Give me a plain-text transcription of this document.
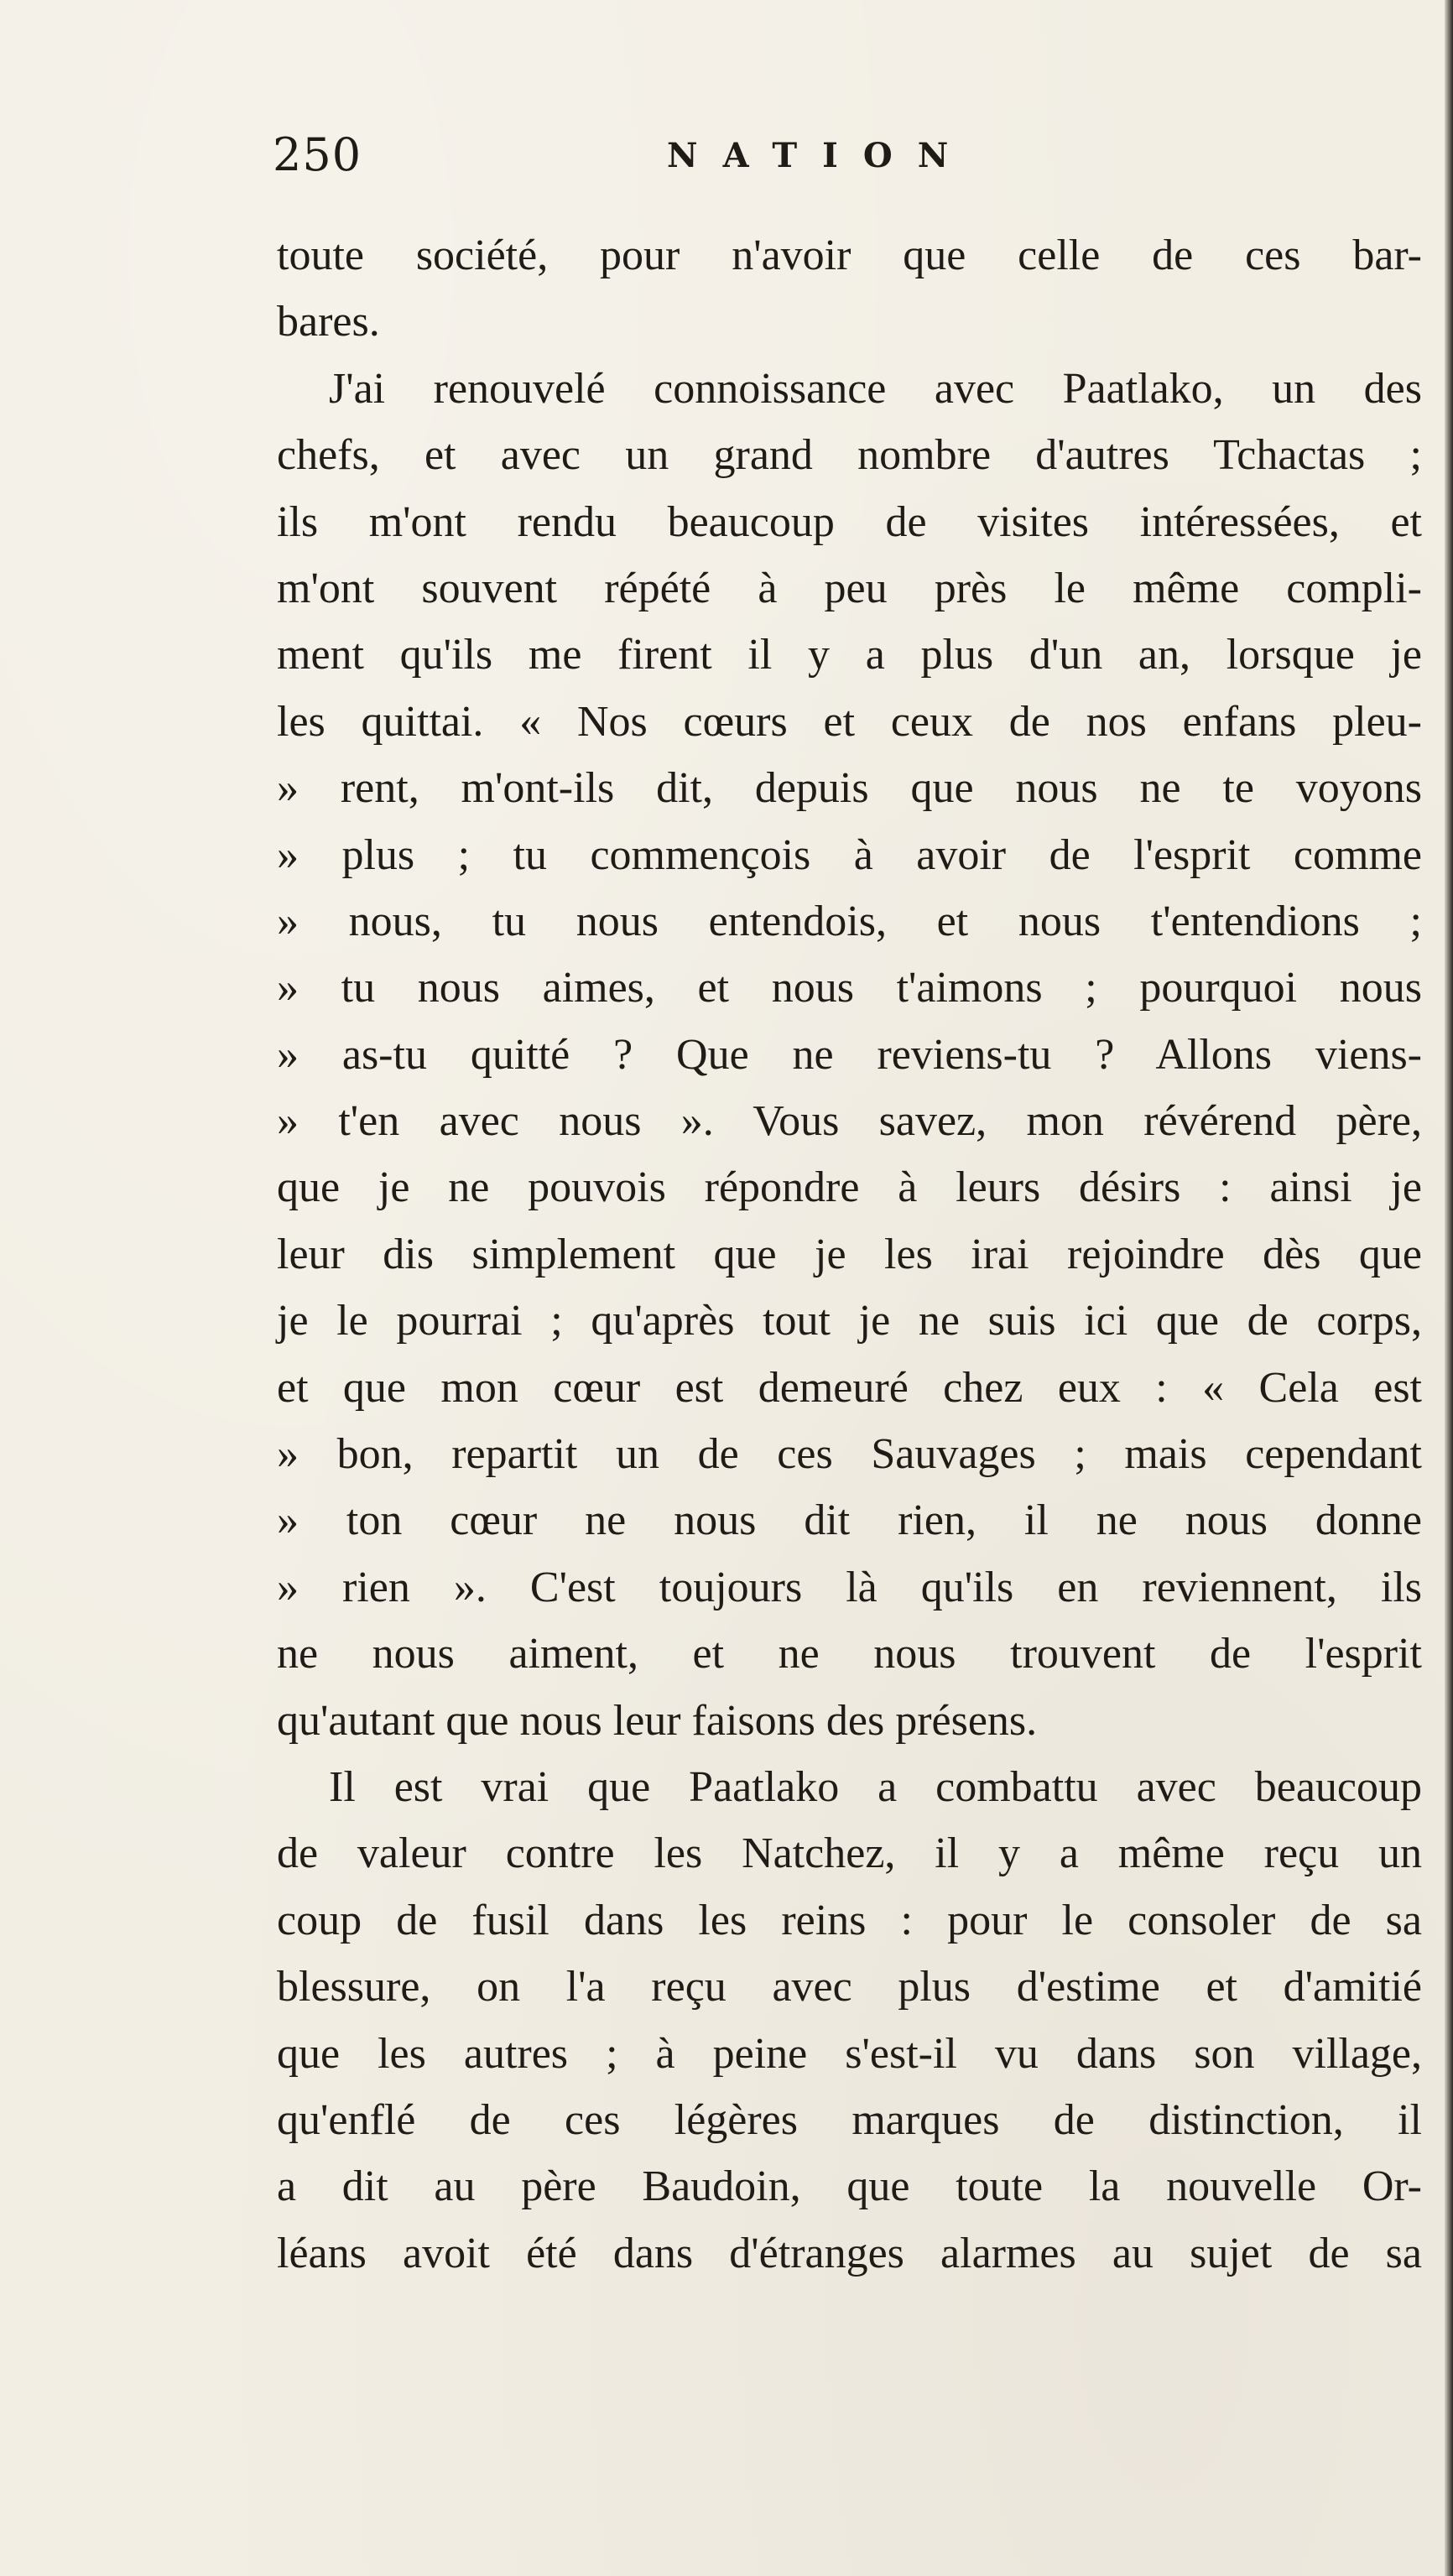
250	NATION
toute société, pour n'avoir que celle de ces bar-
bares.
J'ai renouvelé connoissance avec Paatlako, un des
chefs, et avec un grand nombre d'autres Tchactas ;
ils m'ont rendu beaucoup de visites intéressées, et
m'ont souvent répété à peu près le même compli-
ment qu'ils me firent il y a plus d'un an, lorsque je
les quittai. « Nos cœurs et ceux de nos enfans pleu-
» rent, m'ont-ils dit, depuis que nous ne te voyons
» plus ; tu commençois à avoir de l'esprit comme
» nous, tu nous entendois, et nous t'entendions ;
» tu nous aimes, et nous t'aimons ; pourquoi nous
» as-tu quitté ? Que ne reviens-tu ? Allons viens-
» t'en avec nous ». Vous savez, mon révérend père,
que je ne pouvois répondre à leurs désirs : ainsi je
leur dis simplement que je les irai rejoindre dès que
je le pourrai ; qu'après tout je ne suis ici que de corps,
et que mon cœur est demeuré chez eux : « Cela est
» bon, repartit un de ces Sauvages ; mais cependant
» ton cœur ne nous dit rien, il ne nous donne
» rien ». C'est toujours là qu'ils en reviennent, ils
ne nous aiment, et ne nous trouvent de l'esprit
qu'autant que nous leur faisons des présens.
Il est vrai que Paatlako a combattu avec beaucoup
de valeur contre les Natchez, il y a même reçu un
coup de fusil dans les reins : pour le consoler de sa
blessure, on l'a reçu avec plus d'estime et d'amitié
que les autres ; à peine s'est-il vu dans son village,
qu'enflé de ces légères marques de distinction, il
a dit au père Baudoin, que toute la nouvelle Or-
léans avoit été dans d'étranges alarmes au sujet de sa
